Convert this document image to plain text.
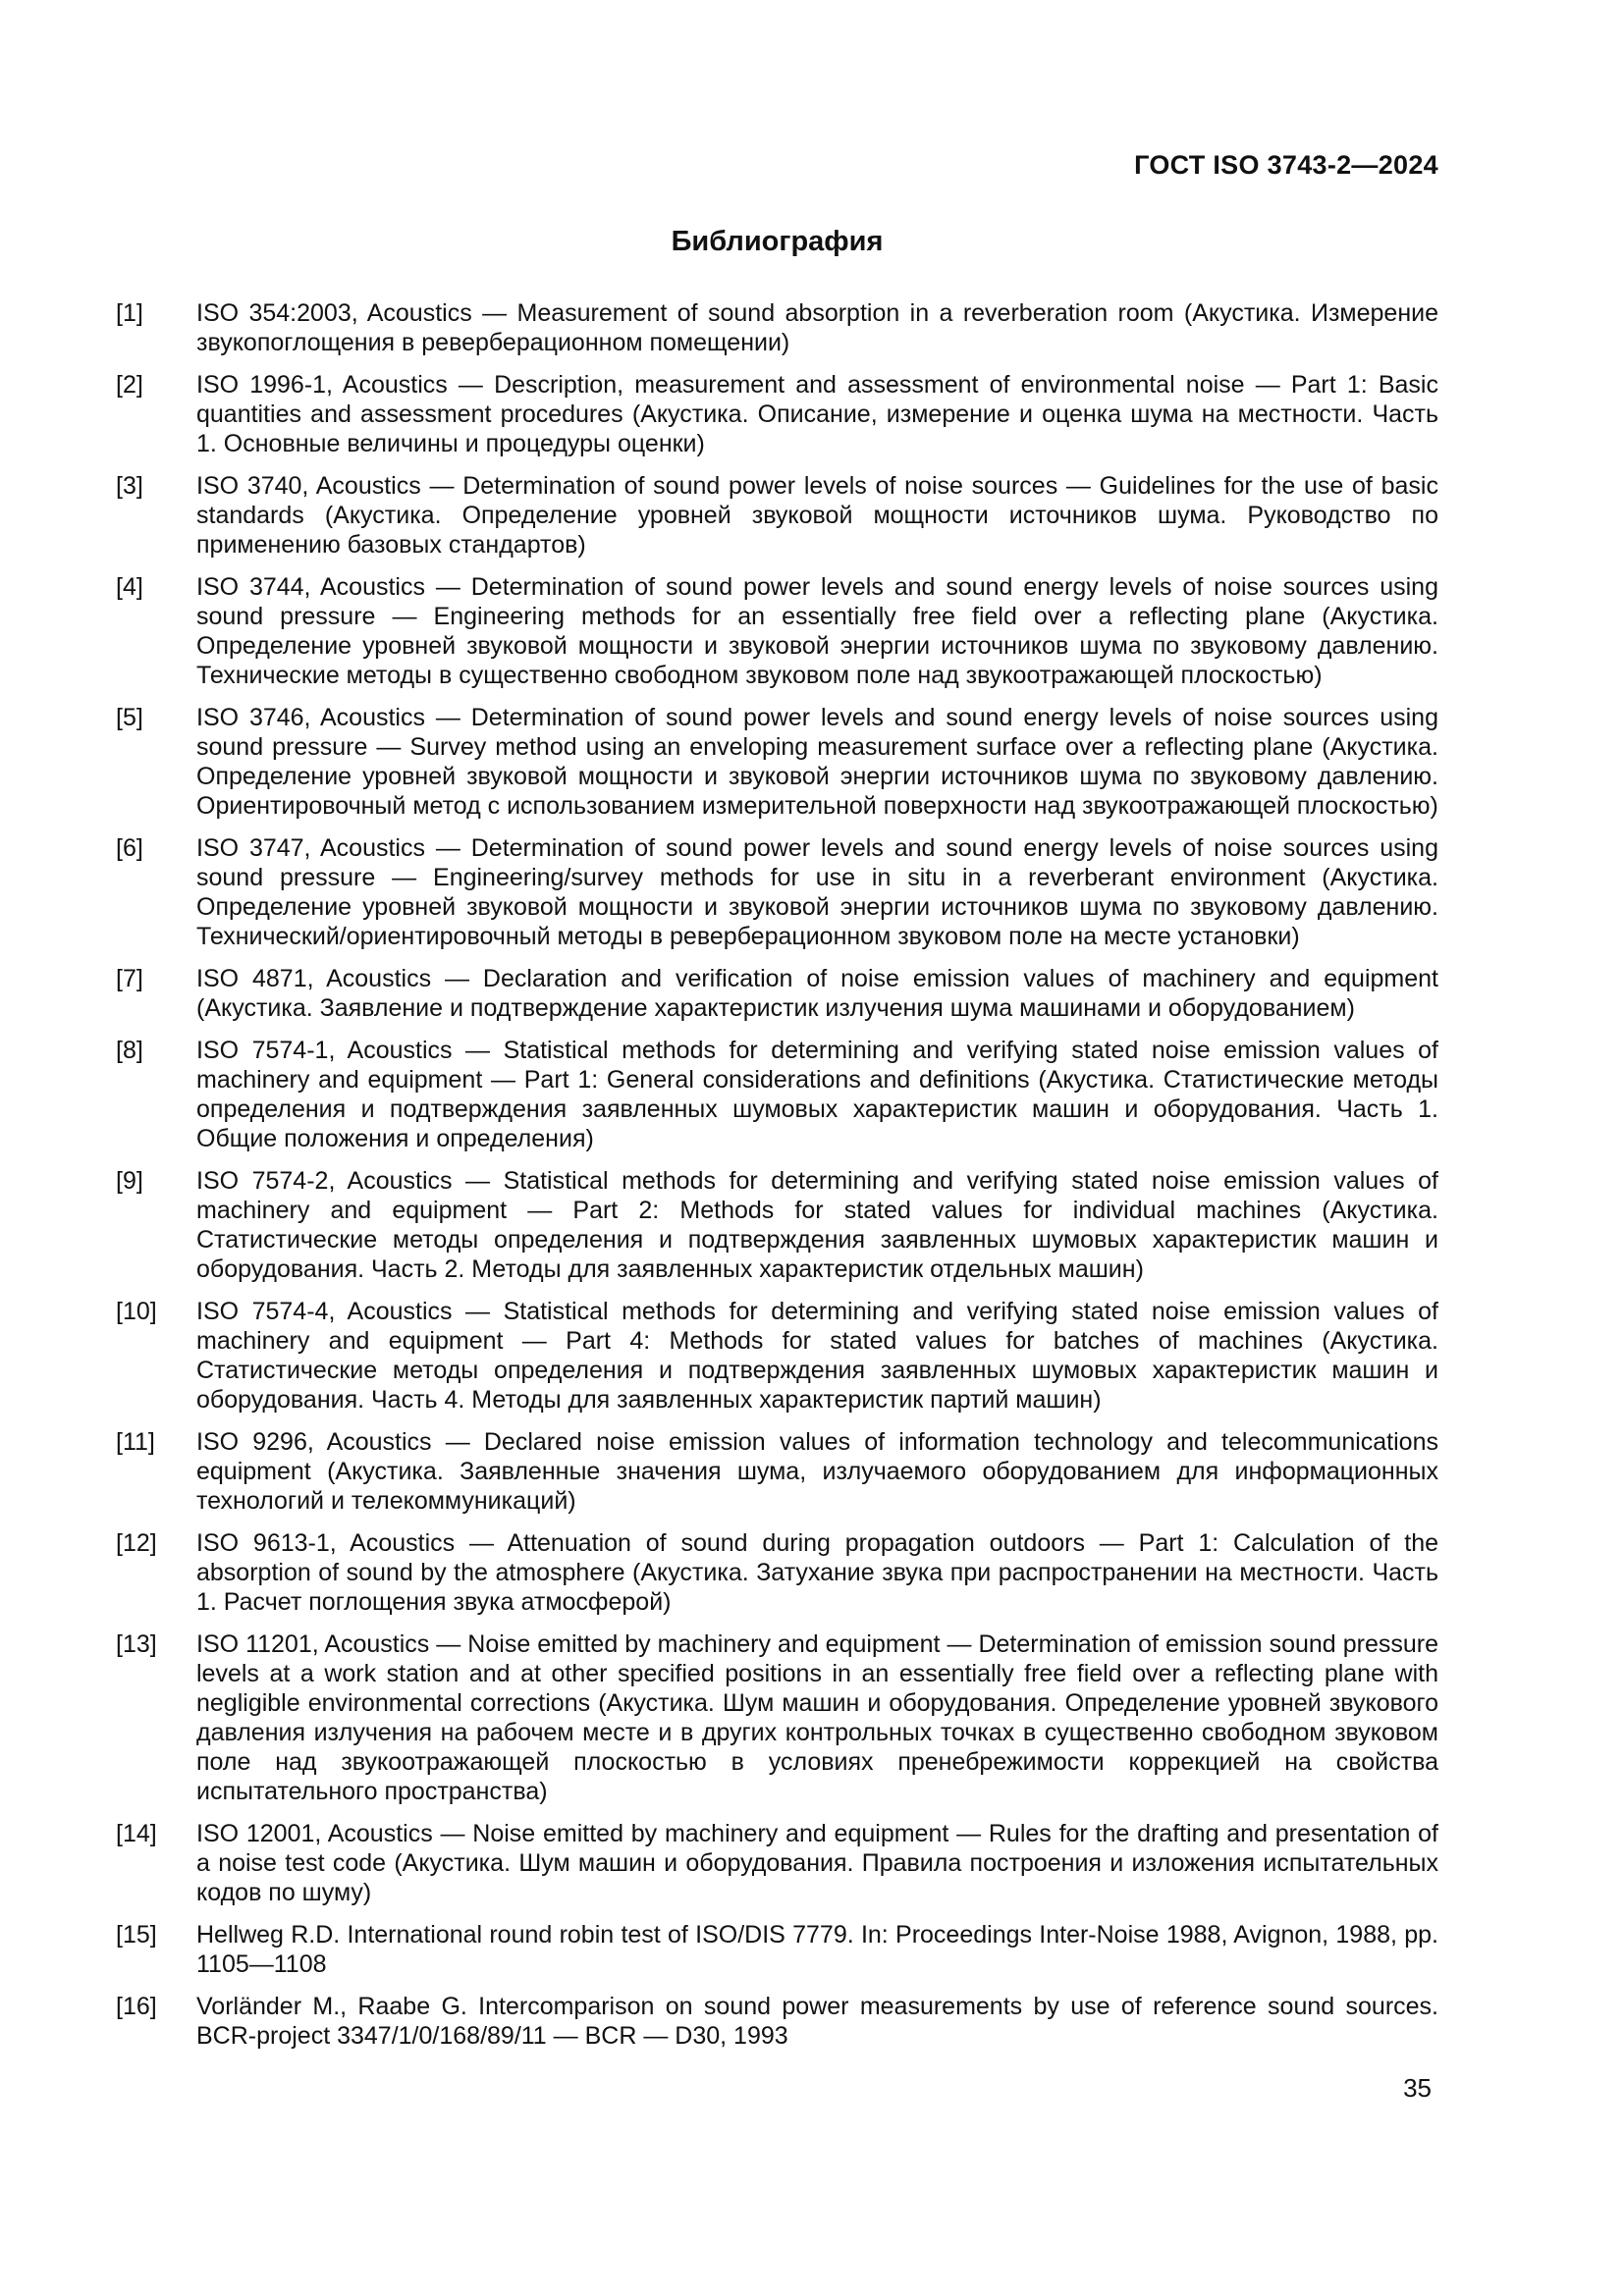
ГОСТ ISO 3743-2—2024
Библиография
[1] ISO 354:2003, Acoustics — Measurement of sound absorption in a reverberation room (Акустика. Измерение звукопоглощения в реверберационном помещении)
[2] ISO 1996-1, Acoustics — Description, measurement and assessment of environmental noise — Part 1: Basic quantities and assessment procedures (Акустика. Описание, измерение и оценка шума на местности. Часть 1. Основные величины и процедуры оценки)
[3] ISO 3740, Acoustics — Determination of sound power levels of noise sources — Guidelines for the use of basic standards (Акустика. Определение уровней звуковой мощности источников шума. Руководство по применению базовых стандартов)
[4] ISO 3744, Acoustics — Determination of sound power levels and sound energy levels of noise sources using sound pressure — Engineering methods for an essentially free field over a reflecting plane (Акустика. Определение уровней звуковой мощности и звуковой энергии источников шума по звуковому давлению. Технические методы в существенно свободном звуковом поле над звукоотражающей плоскостью)
[5] ISO 3746, Acoustics — Determination of sound power levels and sound energy levels of noise sources using sound pressure — Survey method using an enveloping measurement surface over a reflecting plane (Акустика. Определение уровней звуковой мощности и звуковой энергии источников шума по звуковому давлению. Ориентировочный метод с использованием измерительной поверхности над звукоотражающей плоскостью)
[6] ISO 3747, Acoustics — Determination of sound power levels and sound energy levels of noise sources using sound pressure — Engineering/survey methods for use in situ in a reverberant environment (Акустика. Определение уровней звуковой мощности и звуковой энергии источников шума по звуковому давлению. Технический/ориентировочный методы в реверберационном звуковом поле на месте установки)
[7] ISO 4871, Acoustics — Declaration and verification of noise emission values of machinery and equipment (Акустика. Заявление и подтверждение характеристик излучения шума машинами и оборудованием)
[8] ISO 7574-1, Acoustics — Statistical methods for determining and verifying stated noise emission values of machinery and equipment — Part 1: General considerations and definitions (Акустика. Статистические методы определения и подтверждения заявленных шумовых характеристик машин и оборудования. Часть 1. Общие положения и определения)
[9] ISO 7574-2, Acoustics — Statistical methods for determining and verifying stated noise emission values of machinery and equipment — Part 2: Methods for stated values for individual machines (Акустика. Статистические методы определения и подтверждения заявленных шумовых характеристик машин и оборудования. Часть 2. Методы для заявленных характеристик отдельных машин)
[10] ISO 7574-4, Acoustics — Statistical methods for determining and verifying stated noise emission values of machinery and equipment — Part 4: Methods for stated values for batches of machines (Акустика. Статистические методы определения и подтверждения заявленных шумовых характеристик машин и оборудования. Часть 4. Методы для заявленных характеристик партий машин)
[11] ISO 9296, Acoustics — Declared noise emission values of information technology and telecommunications equipment (Акустика. Заявленные значения шума, излучаемого оборудованием для информационных технологий и телекоммуникаций)
[12] ISO 9613-1, Acoustics — Attenuation of sound during propagation outdoors — Part 1: Calculation of the absorption of sound by the atmosphere (Акустика. Затухание звука при распространении на местности. Часть 1. Расчет поглощения звука атмосферой)
[13] ISO 11201, Acoustics — Noise emitted by machinery and equipment — Determination of emission sound pressure levels at a work station and at other specified positions in an essentially free field over a reflecting plane with negligible environmental corrections (Акустика. Шум машин и оборудования. Определение уровней звукового давления излучения на рабочем месте и в других контрольных точках в существенно свободном звуковом поле над звукоотражающей плоскостью в условиях пренебрежимости коррекцией на свойства испытательного пространства)
[14] ISO 12001, Acoustics — Noise emitted by machinery and equipment — Rules for the drafting and presentation of a noise test code (Акустика. Шум машин и оборудования. Правила построения и изложения испытательных кодов по шуму)
[15] Hellweg R.D. International round robin test of ISO/DIS 7779. In: Proceedings Inter-Noise 1988, Avignon, 1988, pp. 1105—1108
[16] Vorländer M., Raabe G. Intercomparison on sound power measurements by use of reference sound sources. BCR-project 3347/1/0/168/89/11 — BCR — D30, 1993
35
